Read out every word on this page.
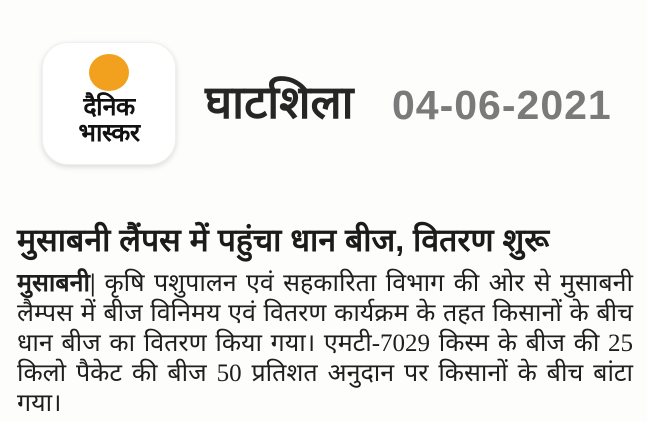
दैनिक
भास्कर
घाटशिला 04-06-2021
मुसाबनी लैंपस में पहुंचा धान बीज, वितरण शुरू

मुसाबनी| कृषि पशुपालन एवं सहकारिता विभाग की ओर से मुसाबनी लैम्पस में बीज विनिमय एवं वितरण कार्यक्रम के तहत किसानों के बीच धान बीज का वितरण किया गया। एमटी-7029 किस्म के बीज की 25 किलो पैकेट की बीज 50 प्रतिशत अनुदान पर किसानों के बीच बांटा गया।
